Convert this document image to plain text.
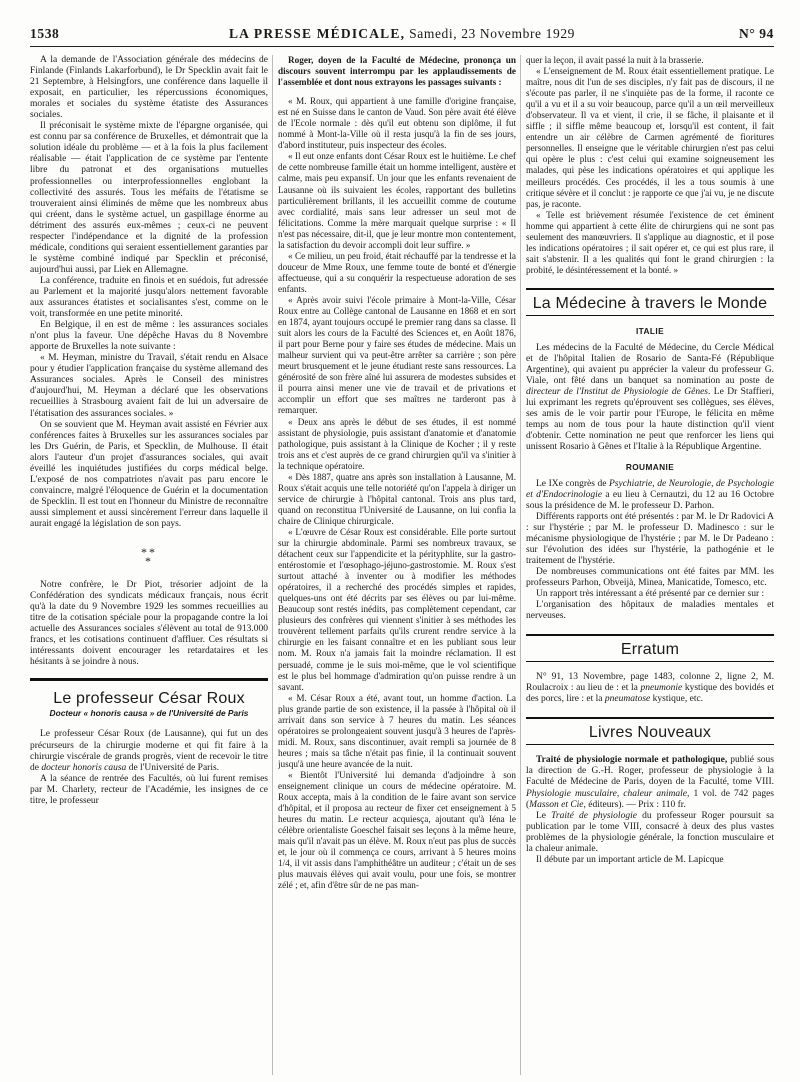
1538	LA PRESSE MÉDICALE, Samedi, 23 Novembre 1929	N° 94

A la demande de l'Association générale des médecins de Finlande (Finlands Lakarforbund), le Dr Specklin avait fait le 21 Septembre, à Helsingfors, une conférence dans laquelle il exposait, en particulier, les répercussions économiques, morales et sociales du système étatiste des Assurances sociales.

Il préconisait le système mixte de l'épargne organisée, qui est connu par sa conférence de Bruxelles, et démontrait que la solution idéale du problème — et à la fois la plus facilement réalisable — était l'application de ce système par l'entente libre du patronat et des organisations mutuelles professionnelles ou interprofessionnelles englobant la collectivité des assurés. Tous les méfaits de l'étatisme se trouveraient ainsi éliminés de même que les nombreux abus qui créent, dans le système actuel, un gaspillage énorme au détriment des assurés eux-mêmes ; ceux-ci ne peuvent respecter l'indépendance et la dignité de la profession médicale, conditions qui seraient essentiellement garanties par le système combiné indiqué par Specklin et préconisé, aujourd'hui aussi, par Liek en Allemagne.

La conférence, traduite en finois et en suédois, fut adressée au Parlement et la majorité jusqu'alors nettement favorable aux assurances étatistes et socialisantes s'est, comme on le voit, transformée en une petite minorité.

En Belgique, il en est de même : les assurances sociales n'ont plus la faveur. Une dépêche Havas du 8 Novembre apporte de Bruxelles la note suivante :

« M. Heyman, ministre du Travail, s'était rendu en Alsace pour y étudier l'application française du système allemand des Assurances sociales. Après le Conseil des ministres d'aujourd'hui, M. Heyman a déclaré que les observations recueillies à Strasbourg avaient fait de lui un adversaire de l'étatisation des assurances sociales. »

On se souvient que M. Heyman avait assisté en Février aux conférences faites à Bruxelles sur les assurances sociales par les Drs Guérin, de Paris, et Specklin, de Mulhouse. Il était alors l'auteur d'un projet d'assurances sociales, qui avait éveillé les inquiétudes justifiées du corps médical belge. L'exposé de nos compatriotes n'avait pas paru encore le convaincre, malgré l'éloquence de Guérin et la documentation de Specklin. Il est tout en l'honneur du Ministre de reconnaître aussi simplement et aussi sincèrement l'erreur dans laquelle il aurait engagé la législation de son pays.

**
*

Notre confrère, le Dr Piot, trésorier adjoint de la Confédération des syndicats médicaux français, nous écrit qu'à la date du 9 Novembre 1929 les sommes recueillies au titre de la cotisation spéciale pour la propagande contre la loi actuelle des Assurances sociales s'élèvent au total de 913.000 francs, et les cotisations continuent d'affluer. Ces résultats si intéressants doivent encourager les retardataires et les hésitants à se joindre à nous.

Le professeur César Roux
Docteur « honoris causa » de l'Université de Paris

Le professeur César Roux (de Lausanne), qui fut un des précurseurs de la chirurgie moderne et qui fit faire à la chirurgie viscérale de grands progrès, vient de recevoir le titre de docteur honoris causa de l'Université de Paris.

A la séance de rentrée des Facultés, où lui furent remises par M. Charlety, recteur de l'Académie, les insignes de ce titre, le professeur

Roger, doyen de la Faculté de Médecine, prononça un discours souvent interrompu par les applaudissements de l'assemblée et dont nous extrayons les passages suivants :

« M. Roux, qui appartient à une famille d'origine française, est né en Suisse dans le canton de Vaud. Son père avait été élève de l'Ecole normale : dès qu'il eut obtenu son diplôme, il fut nommé à Mont-la-Ville où il resta jusqu'à la fin de ses jours, d'abord instituteur, puis inspecteur des écoles.

« Il eut onze enfants dont César Roux est le huitième. Le chef de cette nombreuse famille était un homme intelligent, austère et calme, mais peu expansif. Un jour que les enfants revenaient de Lausanne où ils suivaient les écoles, rapportant des bulletins particulièrement brillants, il les accueillit comme de coutume avec cordialité, mais sans leur adresser un seul mot de félicitations. Comme la mère marquait quelque surprise : « Il n'est pas nécessaire, dit-il, que je leur montre mon contentement, la satisfaction du devoir accompli doit leur suffire. »

« Ce milieu, un peu froid, était réchauffé par la tendresse et la douceur de Mme Roux, une femme toute de bonté et d'énergie affectueuse, qui a su conquérir la respectueuse adoration de ses enfants.

« Après avoir suivi l'école primaire à Mont-la-Ville, César Roux entre au Collège cantonal de Lausanne en 1868 et en sort en 1874, ayant toujours occupé le premier rang dans sa classe. Il suit alors les cours de la Faculté des Sciences et, en Août 1876, il part pour Berne pour y faire ses études de médecine. Mais un malheur survient qui va peut-être arrêter sa carrière ; son père meurt brusquement et le jeune étudiant reste sans ressources. La générosité de son frère aîné lui assurera de modestes subsides et il pourra ainsi mener une vie de travail et de privations et accomplir un effort que ses maîtres ne tarderont pas à remarquer.

« Deux ans après le début de ses études, il est nommé assistant de physiologie, puis assistant d'anatomie et d'anatomie pathologique, puis assistant à la Clinique de Kocher ; il y reste trois ans et c'est auprès de ce grand chirurgien qu'il va s'initier à la technique opératoire.

« Dès 1887, quatre ans après son installation à Lausanne, M. Roux s'était acquis une telle notoriété qu'on l'appela à diriger un service de chirurgie à l'hôpital cantonal. Trois ans plus tard, quand on reconstitua l'Université de Lausanne, on lui confia la chaire de Clinique chirurgicale.

« L'œuvre de César Roux est considérable. Elle porte surtout sur la chirurgie abdominale. Parmi ses nombreux travaux, se détachent ceux sur l'appendicite et la pérityphlite, sur la gastro-entérostomie et l'œsophago-jéjuno-gastrostomie. M. Roux s'est surtout attaché à inventer ou à modifier les méthodes opératoires, il a recherché des procédés simples et rapides, quelques-uns ont été décrits par ses élèves ou par lui-même. Beaucoup sont restés inédits, pas complètement cependant, car plusieurs des confrères qui viennent s'initier à ses méthodes les trouvèrent tellement parfaits qu'ils crurent rendre service à la chirurgie en les faisant connaître et en les publiant sous leur nom. M. Roux n'a jamais fait la moindre réclamation. Il est persuadé, comme je le suis moi-même, que le vol scientifique est le plus bel hommage d'admiration qu'on puisse rendre à un savant.

« M. César Roux a été, avant tout, un homme d'action. La plus grande partie de son existence, il la passée à l'hôpital où il arrivait dans son service à 7 heures du matin. Les séances opératoires se prolongeaient souvent jusqu'à 3 heures de l'après-midi. M. Roux, sans discontinuer, avait rempli sa journée de 8 heures ; mais sa tâche n'était pas finie, il la continuait souvent jusqu'à une heure avancée de la nuit.

« Bientôt l'Université lui demanda d'adjoindre à son enseignement clinique un cours de médecine opératoire. M. Roux accepta, mais à la condition de le faire avant son service d'hôpital, et il proposa au recteur de fixer cet enseignement à 5 heures du matin. Le recteur acquiesça, ajoutant qu'à Iéna le célèbre orientaliste Goeschel faisait ses leçons à la même heure, mais qu'il n'avait pas un élève. M. Roux n'eut pas plus de succès et, le jour où il commença ce cours, arrivant à 5 heures moins 1/4, il vit assis dans l'amphithéâtre un auditeur ; c'était un de ses plus mauvais élèves qui avait voulu, pour une fois, se montrer zélé ; et, afin d'être sûr de ne pas man-

quer la leçon, il avait passé la nuit à la brasserie.

« L'enseignement de M. Roux était essentiellement pratique. Le maître, nous dit l'un de ses disciples, n'y fait pas de discours, il ne s'écoute pas parler, il ne s'inquiète pas de la forme, il raconte ce qu'il a vu et il a su voir beaucoup, parce qu'il a un œil merveilleux d'observateur. Il va et vient, il crie, il se fâche, il plaisante et il siffle ; il siffle même beaucoup et, lorsqu'il est content, il fait entendre un air célèbre de Carmen agrémenté de fioritures personnelles. Il enseigne que le véritable chirurgien n'est pas celui qui opère le plus : c'est celui qui examine soigneusement les malades, qui pèse les indications opératoires et qui applique les meilleurs procédés. Ces procédés, il les a tous soumis à une critique sévère et il conclut : je rapporte ce que j'ai vu, je ne discute pas, je raconte.

« Telle est brièvement résumée l'existence de cet éminent homme qui appartient à cette élite de chirurgiens qui ne sont pas seulement des manœuvriers. Il s'applique au diagnostic, et il pose les indications opératoires ; il sait opérer et, ce qui est plus rare, il sait s'abstenir. Il a les qualités qui font le grand chirurgien : la probité, le désintéressement et la bonté. »

La Médecine à travers le Monde
ITALIE

Les médecins de la Faculté de Médecine, du Cercle Médical et de l'hôpital Italien de Rosario de Santa-Fé (République Argentine), qui avaient pu apprécier la valeur du professeur G. Viale, ont fêté dans un banquet sa nomination au poste de directeur de l'Institut de Physiologie de Gênes. Le Dr Staffieri, lui exprimant les regrets qu'éprouvent ses collègues, ses élèves, ses amis de le voir partir pour l'Europe, le félicita en même temps au nom de tous pour la haute distinction qu'il vient d'obtenir. Cette nomination ne peut que renforcer les liens qui unissent Rosario à Gênes et l'Italie à la République Argentine.

ROUMANIE

Le IXe congrès de Psychiatrie, de Neurologie, de Psychologie et d'Endocrinologie a eu lieu à Cernautzi, du 12 au 16 Octobre sous la présidence de M. le professeur D. Parhon.

Différents rapports ont été présentés : par M. le Dr Radovici A : sur l'hystérie ; par M. le professeur D. Madinesco : sur le mécanisme physiologique de l'hystérie ; par M. le Dr Padeano : sur l'évolution des idées sur l'hystérie, la pathogénie et le traitement de l'hystérie.

De nombreuses communications ont été faites par MM. les professeurs Parhon, Obveijà, Minea, Manicatide, Tomesco, etc.

Un rapport très intéressant a été présenté par ce dernier sur :

L'organisation des hôpitaux de maladies mentales et nerveuses.

Erratum

N° 91, 13 Novembre, page 1483, colonne 2, ligne 2, M. Roulacroix : au lieu de : et la pneumonie kystique des bovidés et des porcs, lire : et la pneumatose kystique, etc.

Livres Nouveaux

Traité de physiologie normale et pathologique, publié sous la direction de G.-H. Roger, professeur de physiologie à la Faculté de Médecine de Paris, doyen de la Faculté, tome VIII. Physiologie musculaire, chaleur animale, 1 vol. de 742 pages (Masson et Cie, éditeurs). — Prix : 110 fr.

Le Traité de physiologie du professeur Roger poursuit sa publication par le tome VIII, consacré à deux des plus vastes problèmes de la physiologie générale, la fonction musculaire et la chaleur animale.

Il débute par un important article de M. Lapicque
